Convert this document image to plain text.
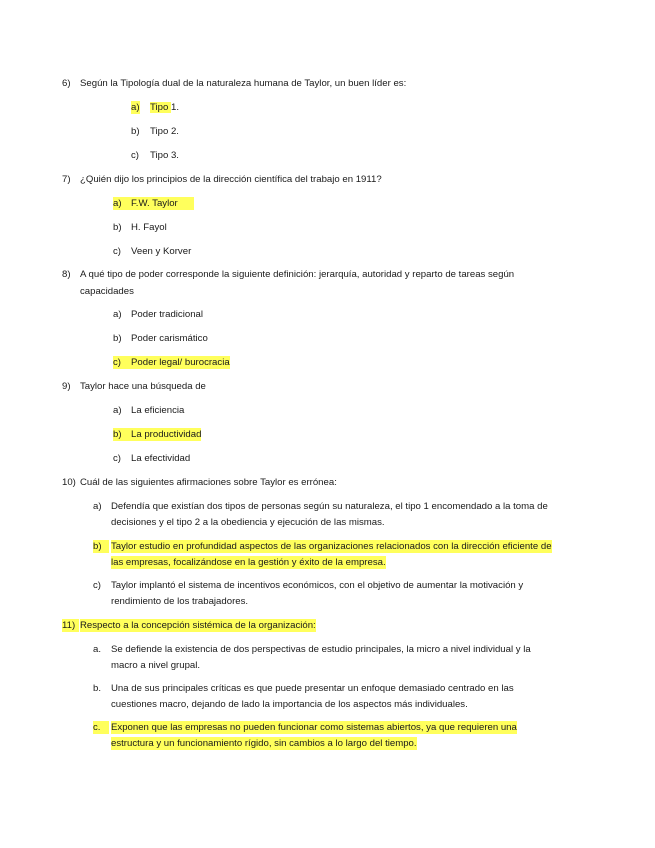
6) Según la Tipología dual de la naturaleza humana de Taylor, un buen líder es:
a) Tipo 1.
b) Tipo 2.
c) Tipo 3.
7) ¿Quién dijo los principios de la dirección científica del trabajo en 1911?
a) F.W. Taylor
b) H. Fayol
c) Veen y Korver
8) A qué tipo de poder corresponde la siguiente definición: jerarquía, autoridad y reparto de tareas según
capacidades
a) Poder tradicional
b) Poder carismático
c)	Poder legal/ burocracia
9) Taylor hace una búsqueda de
a) La eficiencia
b) La productividad
c) La efectividad
10) Cuál de las siguientes afirmaciones sobre Taylor es errónea:
a) Defendía que existían dos tipos de personas según su naturaleza, el tipo 1 encomendado a la toma de
decisiones y el tipo 2 a la obediencia y ejecución de las mismas.
b) Taylor estudio en profundidad aspectos de las organizaciones relacionados con la dirección eficiente de
las empresas, focalizándose en la gestión y éxito de la empresa.
c) Taylor implantó el sistema de incentivos económicos, con el objetivo de aumentar la motivación y
rendimiento de los trabajadores.
11) Respecto a la concepción sistémica de la organización:
a. Se defiende la existencia de dos perspectivas de estudio principales, la micro a nivel individual y la
macro a nivel grupal.
b. Una de sus principales críticas es que puede presentar un enfoque demasiado centrado en las
cuestiones macro, dejando de lado la importancia de los aspectos más individuales.
c.	Exponen que las empresas no pueden funcionar como sistemas abiertos, ya que requieren una
estructura y un funcionamiento rígido, sin cambios a lo largo del tiempo.
